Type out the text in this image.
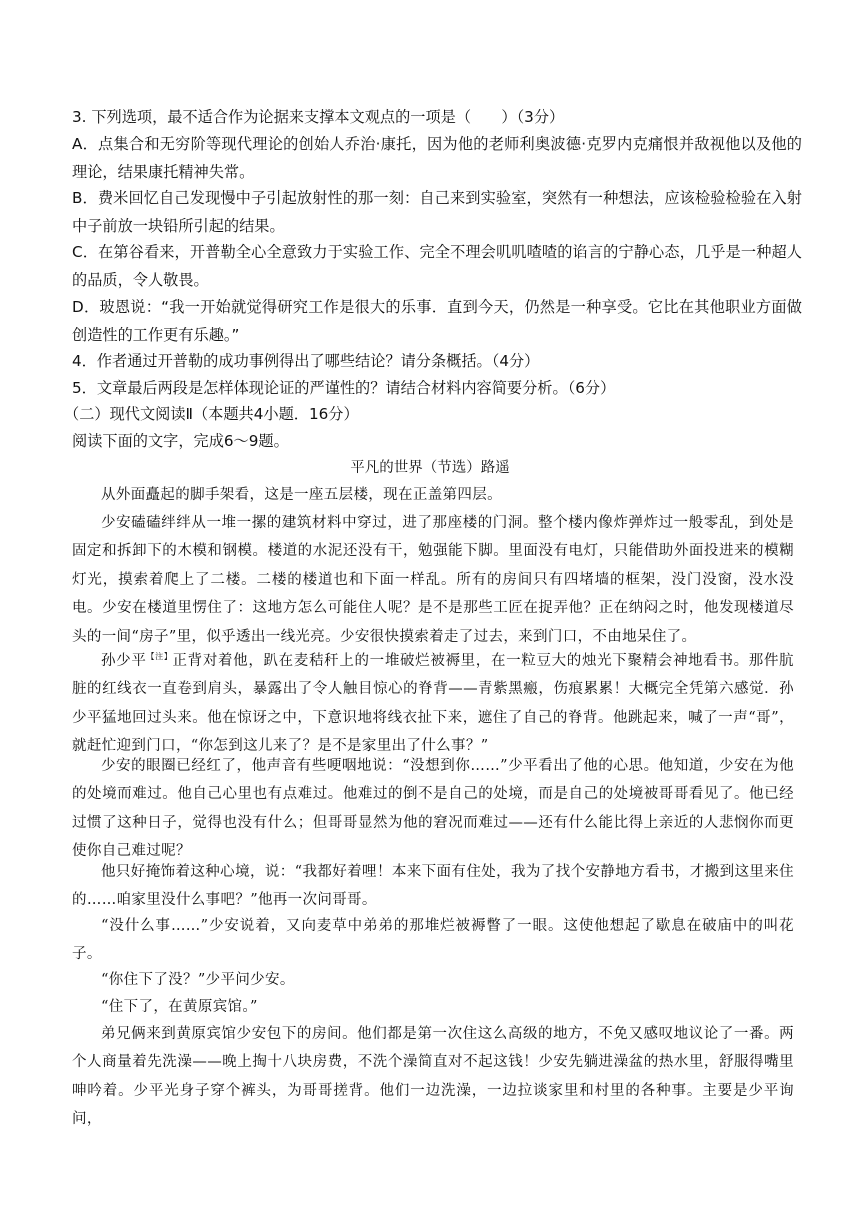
3. 下列选项，最不适合作为论据来支撑本文观点的一项是（　　）（3分）
A．点集合和无穷阶等现代理论的创始人乔治·康托，因为他的老师利奥波德·克罗内克痛恨并敌视他以及他的理论，结果康托精神失常。
B．费米回忆自己发现慢中子引起放射性的那一刻：自己来到实验室，突然有一种想法，应该检验检验在入射中子前放一块铅所引起的结果。
C．在第谷看来，开普勒全心全意致力于实验工作、完全不理会叽叽喳喳的谄言的宁静心态，几乎是一种超人的品质，令人敬畏。
D．玻恩说：“我一开始就觉得研究工作是很大的乐事．直到今天，仍然是一种享受。它比在其他职业方面做创造性的工作更有乐趣。”
4．作者通过开普勒的成功事例得出了哪些结论？请分条概括。（4分）
5．文章最后两段是怎样体现论证的严谨性的？请结合材料内容简要分析。（6分）
（二）现代文阅读Ⅱ（本题共4小题．16分）
阅读下面的文字，完成6～9题。
平凡的世界（节选）路遥
从外面矗起的脚手架看，这是一座五层楼，现在正盖第四层。
少安磕磕绊绊从一堆一摞的建筑材料中穿过，进了那座楼的门洞。整个楼内像炸弹炸过一般零乱，到处是固定和拆卸下的木模和钢模。楼道的水泥还没有干，勉强能下脚。里面没有电灯，只能借助外面投进来的模糊灯光，摸索着爬上了二楼。二楼的楼道也和下面一样乱。所有的房间只有四堵墙的框架，没门没窗，没水没电。少安在楼道里愣住了：这地方怎么可能住人呢？是不是那些工匠在捉弄他？正在纳闷之时，他发现楼道尽头的一间“房子”里，似乎透出一线光亮。少安很快摸索着走了过去，来到门口，不由地呆住了。
孙少平$^{【注】}$正背对着他，趴在麦秸秆上的一堆破烂被褥里，在一粒豆大的烛光下聚精会神地看书。那件肮脏的红线衣一直卷到肩头，暴露出了令人触目惊心的脊背——青紫黑瘢，伤痕累累！大概完全凭第六感觉．孙少平猛地回过头来。他在惊讶之中，下意识地将线衣扯下来，遮住了自己的脊背。他跳起来，喊了一声“哥”，就赶忙迎到门口，“你怎到这儿来了？是不是家里出了什么事？”
少安的眼圈已经红了，他声音有些哽咽地说：“没想到你……”少平看出了他的心思。他知道，少安在为他的处境而难过。他自己心里也有点难过。他难过的倒不是自己的处境，而是自己的处境被哥哥看见了。他已经过惯了这种日子，觉得也没有什么；但哥哥显然为他的窘况而难过——还有什么能比得上亲近的人悲悯你而更使你自己难过呢？
他只好掩饰着这种心境，说：“我都好着哩！本来下面有住处，我为了找个安静地方看书，才搬到这里来住的……咱家里没什么事吧？”他再一次问哥哥。
“没什么事……”少安说着，又向麦草中弟弟的那堆烂被褥瞥了一眼。这使他想起了歇息在破庙中的叫花子。
“你住下了没？”少平问少安。
“住下了，在黄原宾馆。”
弟兄俩来到黄原宾馆少安包下的房间。他们都是第一次住这么高级的地方，不免又感叹地议论了一番。两个人商量着先洗澡——晚上掏十八块房费，不洗个澡简直对不起这钱！少安先躺进澡盆的热水里，舒服得嘴里呻吟着。少平光身子穿个裤头，为哥哥搓背。他们一边洗澡，一边拉谈家里和村里的各种事。主要是少平询问，
